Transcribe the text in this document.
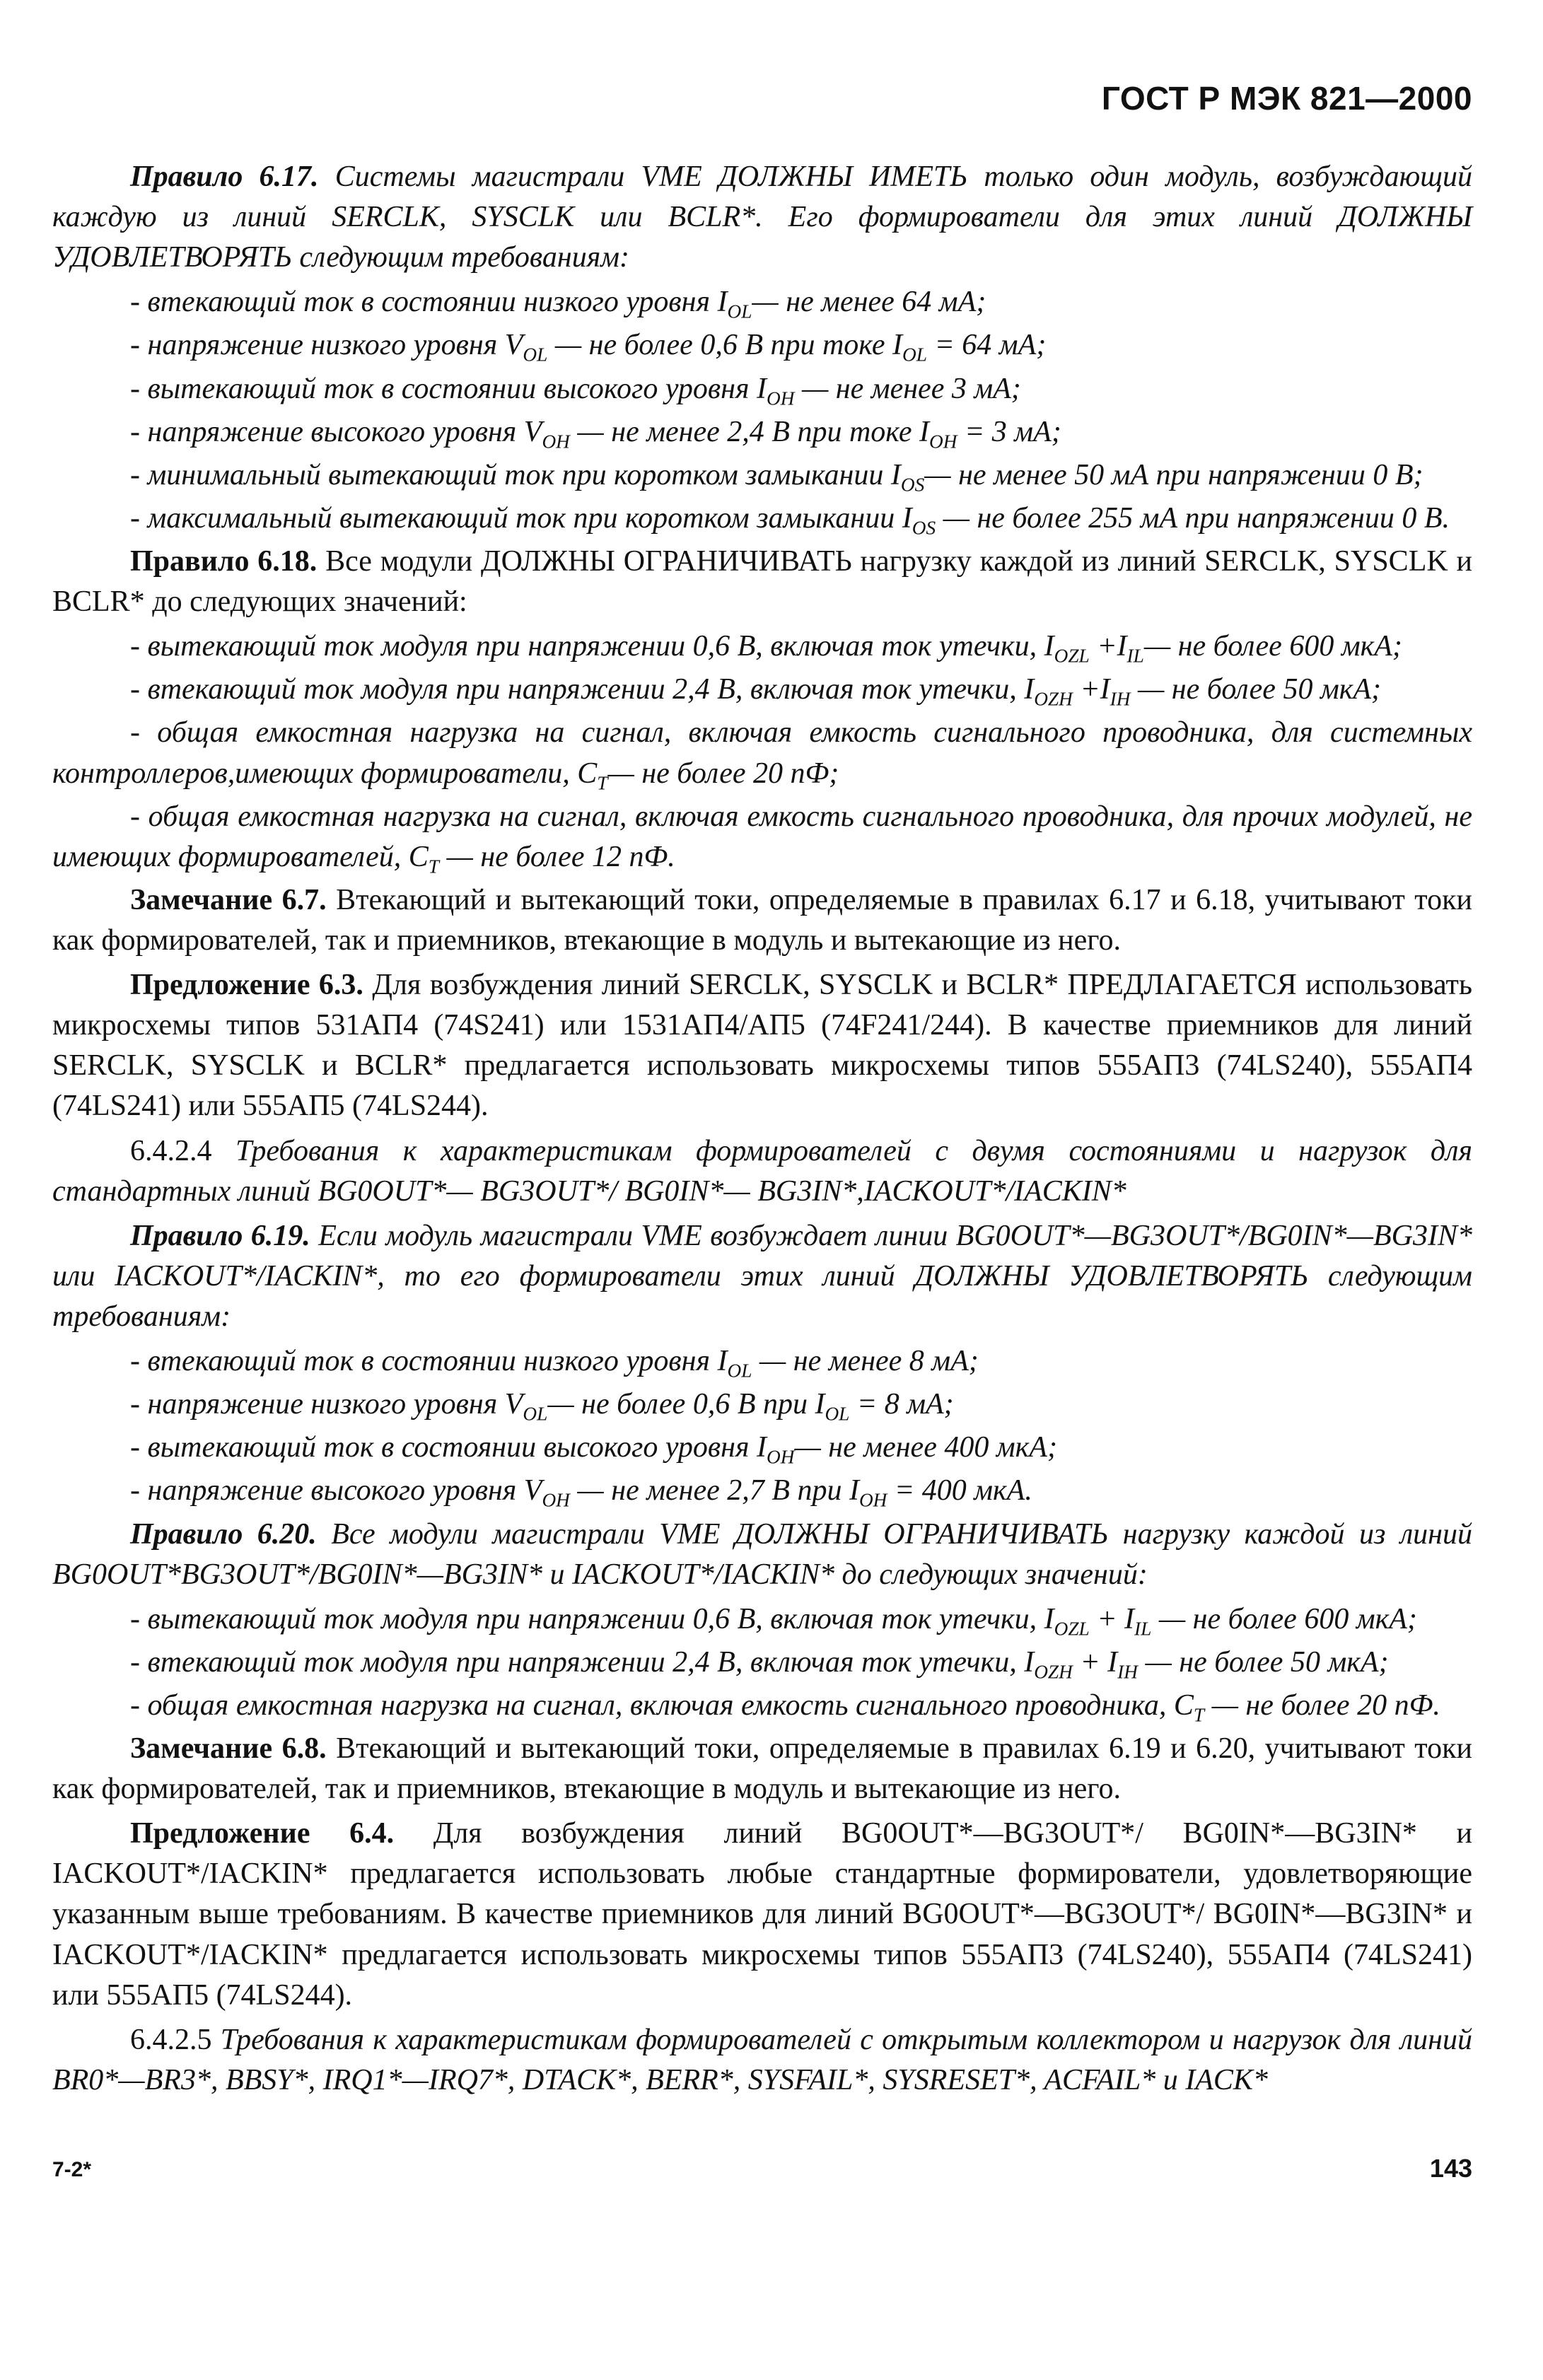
ГОСТ Р МЭК 821—2000

Правило 6.17. Системы магистрали VME ДОЛЖНЫ ИМЕТЬ только один модуль, возбуждающий каждую из линий SERCLK, SYSCLK или BCLR*. Его формирователи для этих линий ДОЛЖНЫ УДОВЛЕТВОРЯТЬ следующим требованиям:

- втекающий ток в состоянии низкого уровня $I_{OL}—$ не менее 64 мА;

- напряжение низкого уровня $V_{OL}$ — не более 0,6 В при токе $I_{OL} = 64$ мА;

- вытекающий ток в состоянии высокого уровня $I_{OH}$ — не менее 3 мА;

- напряжение высокого уровня $V_{OH}$ — не менее 2,4 В при токе $I_{OH} = 3$ мА;

- минимальный вытекающий ток при коротком замыкании $I_{OS}—$ не менее 50 мА при напряжении 0 В;

- максимальный вытекающий ток при коротком замыкании $I_{OS}$ — не более 255 мА при напряжении 0 В.

Правило 6.18. Все модули ДОЛЖНЫ ОГРАНИЧИВАТЬ нагрузку каждой из линий SERCLK, SYSCLK и BCLR* до следующих значений:

- вытекающий ток модуля при напряжении 0,6 В, включая ток утечки, $I_{OZL}$ $+I_{IL}—$ не более 600 мкА;

- втекающий ток модуля при напряжении 2,4 В, включая ток утечки, $I_{OZH} +I_{IH}$ — не более 50 мкА;

- общая емкостная нагрузка на сигнал, включая емкость сигнального проводника, для системных контроллеров,имеющих формирователи, $C_T—$ не более 20 пФ;

- общая емкостная нагрузка на сигнал, включая емкость сигнального проводника, для прочих модулей, не имеющих формирователей, $C_T$ — не более 12 пФ.

Замечание 6.7. Втекающий и вытекающий токи, определяемые в правилах 6.17 и 6.18, учитывают токи как формирователей, так и приемников, втекающие в модуль и вытекающие из него.

Предложение 6.3. Для возбуждения линий SERCLK, SYSCLK и BCLR* ПРЕДЛАГАЕТСЯ использовать микросхемы типов 531АП4 (74S241) или 1531АП4/АП5 (74F241/244). В качестве приемников для линий SERCLK, SYSCLK и BCLR* предлагается использовать микросхемы типов 555АП3 (74LS240), 555АП4 (74LS241) или 555АП5 (74LS244).

6.4.2.4 Требования к характеристикам формирователей с двумя состояниями и нагрузок для стандартных линий BG0OUT*— BG3OUT*/ BG0IN*— BG3IN*,IACKOUT*/IACKIN*

Правило 6.19. Если модуль магистрали VME возбуждает линии BG0OUT*—BG3OUT*/BG0IN*—BG3IN* или IACKOUT*/IACKIN*, то его формирователи этих линий ДОЛЖНЫ УДОВЛЕТВОРЯТЬ следующим требованиям:

- втекающий ток в состоянии низкого уровня $I_{OL}$ — не менее 8 мА;

- напряжение низкого уровня $V_{OL}—$ не более 0,6 В при $I_{OL} = 8$ мА;

- вытекающий ток в состоянии высокого уровня $I_{OH}—$ не менее 400 мкА;

- напряжение высокого уровня $V_{OH}$ — не менее 2,7 В при $I_{OH} = 400$ мкА.

Правило 6.20. Все модули магистрали VME ДОЛЖНЫ ОГРАНИЧИВАТЬ нагрузку каждой из линий BG0OUT*BG3OUT*/BG0IN*—BG3IN* и IACKOUT*/IACKIN* до следующих значений:

- вытекающий ток модуля при напряжении 0,6 В, включая ток утечки, $I_{OZL} + I_{IL}$ — не более 600 мкА;

- втекающий ток модуля при напряжении 2,4 В, включая ток утечки, $I_{OZH} + I_{IH}$ — не более 50 мкА;

- общая емкостная нагрузка на сигнал, включая емкость сигнального проводника, $C_T$ — не более 20 пФ.

Замечание 6.8. Втекающий и вытекающий токи, определяемые в правилах 6.19 и 6.20, учитывают токи как формирователей, так и приемников, втекающие в модуль и вытекающие из него.

Предложение 6.4. Для возбуждения линий BG0OUT*—BG3OUT*/ BG0IN*—BG3IN* и IACKOUT*/IACKIN* предлагается использовать любые стандартные формирователи, удовлетворяющие указанным выше требованиям. В качестве приемников для линий BG0OUT*—BG3OUT*/ BG0IN*—BG3IN* и IACKOUT*/IACKIN* предлагается использовать микросхемы типов 555АП3 (74LS240), 555АП4 (74LS241) или 555АП5 (74LS244).

6.4.2.5 Требования к характеристикам формирователей с открытым коллектором и нагрузок для линий BR0*—BR3*, BBSY*, IRQ1*—IRQ7*, DTACK*, BERR*, SYSFAIL*, SYSRESET*, ACFAIL* и IACK*

7-2*	143
